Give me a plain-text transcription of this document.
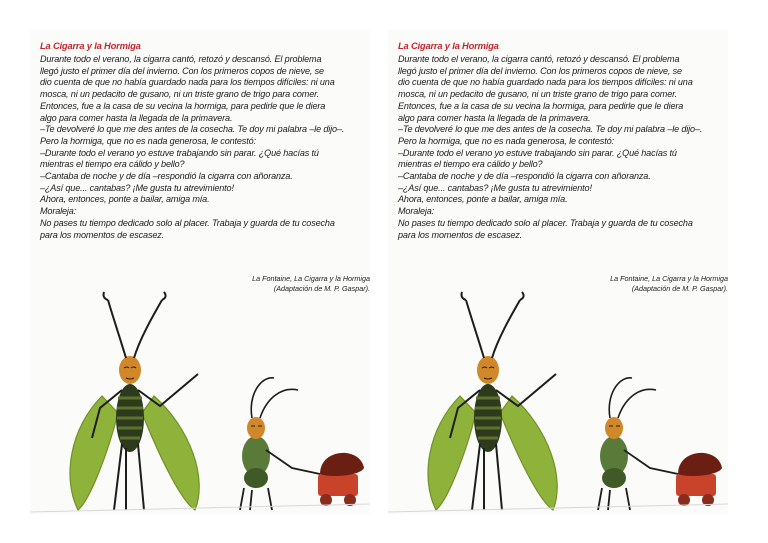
La Cigarra y la Hormiga
Durante todo el verano, la cigarra cantó, retozó y descansó. El problema
llegó justo el primer día del invierno. Con los primeros copos de nieve, se
dio cuenta de que no había guardado nada para los tiempos difíciles: ni una
mosca, ni un pedacito de gusano, ni un triste grano de trigo para comer.
Entonces, fue a la casa de su vecina la hormiga, para pedirle que le diera
algo para comer hasta la llegada de la primavera.
–Te devolveré lo que me des antes de la cosecha. Te doy mi palabra –le dijo–.
Pero la hormiga, que no es nada generosa, le contestó:
–Durante todo el verano yo estuve trabajando sin parar. ¿Qué hacías tú
mientras el tiempo era cálido y bello?
–Cantaba de noche y de día –respondió la cigarra con añoranza.
–¿Así que... cantabas? ¡Me gusta tu atrevimiento!
Ahora, entonces, ponte a bailar, amiga mía.
Moraleja:
No pases tu tiempo dedicado solo al placer. Trabaja y guarda de tu cosecha
para los momentos de escasez.
La Fontaine, La Cigarra y la Hormiga
(Adaptación de M. P. Gaspar).
La Cigarra y la Hormiga
Durante todo el verano, la cigarra cantó, retozó y descansó. El problema
llegó justo el primer día del invierno. Con los primeros copos de nieve, se
dio cuenta de que no había guardado nada para los tiempos difíciles: ni una
mosca, ni un pedacito de gusano, ni un triste grano de trigo para comer.
Entonces, fue a la casa de su vecina la hormiga, para pedirle que le diera
algo para comer hasta la llegada de la primavera.
–Te devolveré lo que me des antes de la cosecha. Te doy mi palabra –le dijo–.
Pero la hormiga, que no es nada generosa, le contestó:
–Durante todo el verano yo estuve trabajando sin parar. ¿Qué hacías tú
mientras el tiempo era cálido y bello?
–Cantaba de noche y de día –respondió la cigarra con añoranza.
–¿Así que... cantabas? ¡Me gusta tu atrevimiento!
Ahora, entonces, ponte a bailar, amiga mía.
Moraleja:
No pases tu tiempo dedicado solo al placer. Trabaja y guarda de tu cosecha
para los momentos de escasez.
La Fontaine, La Cigarra y la Hormiga
(Adaptación de M. P. Gaspar).
